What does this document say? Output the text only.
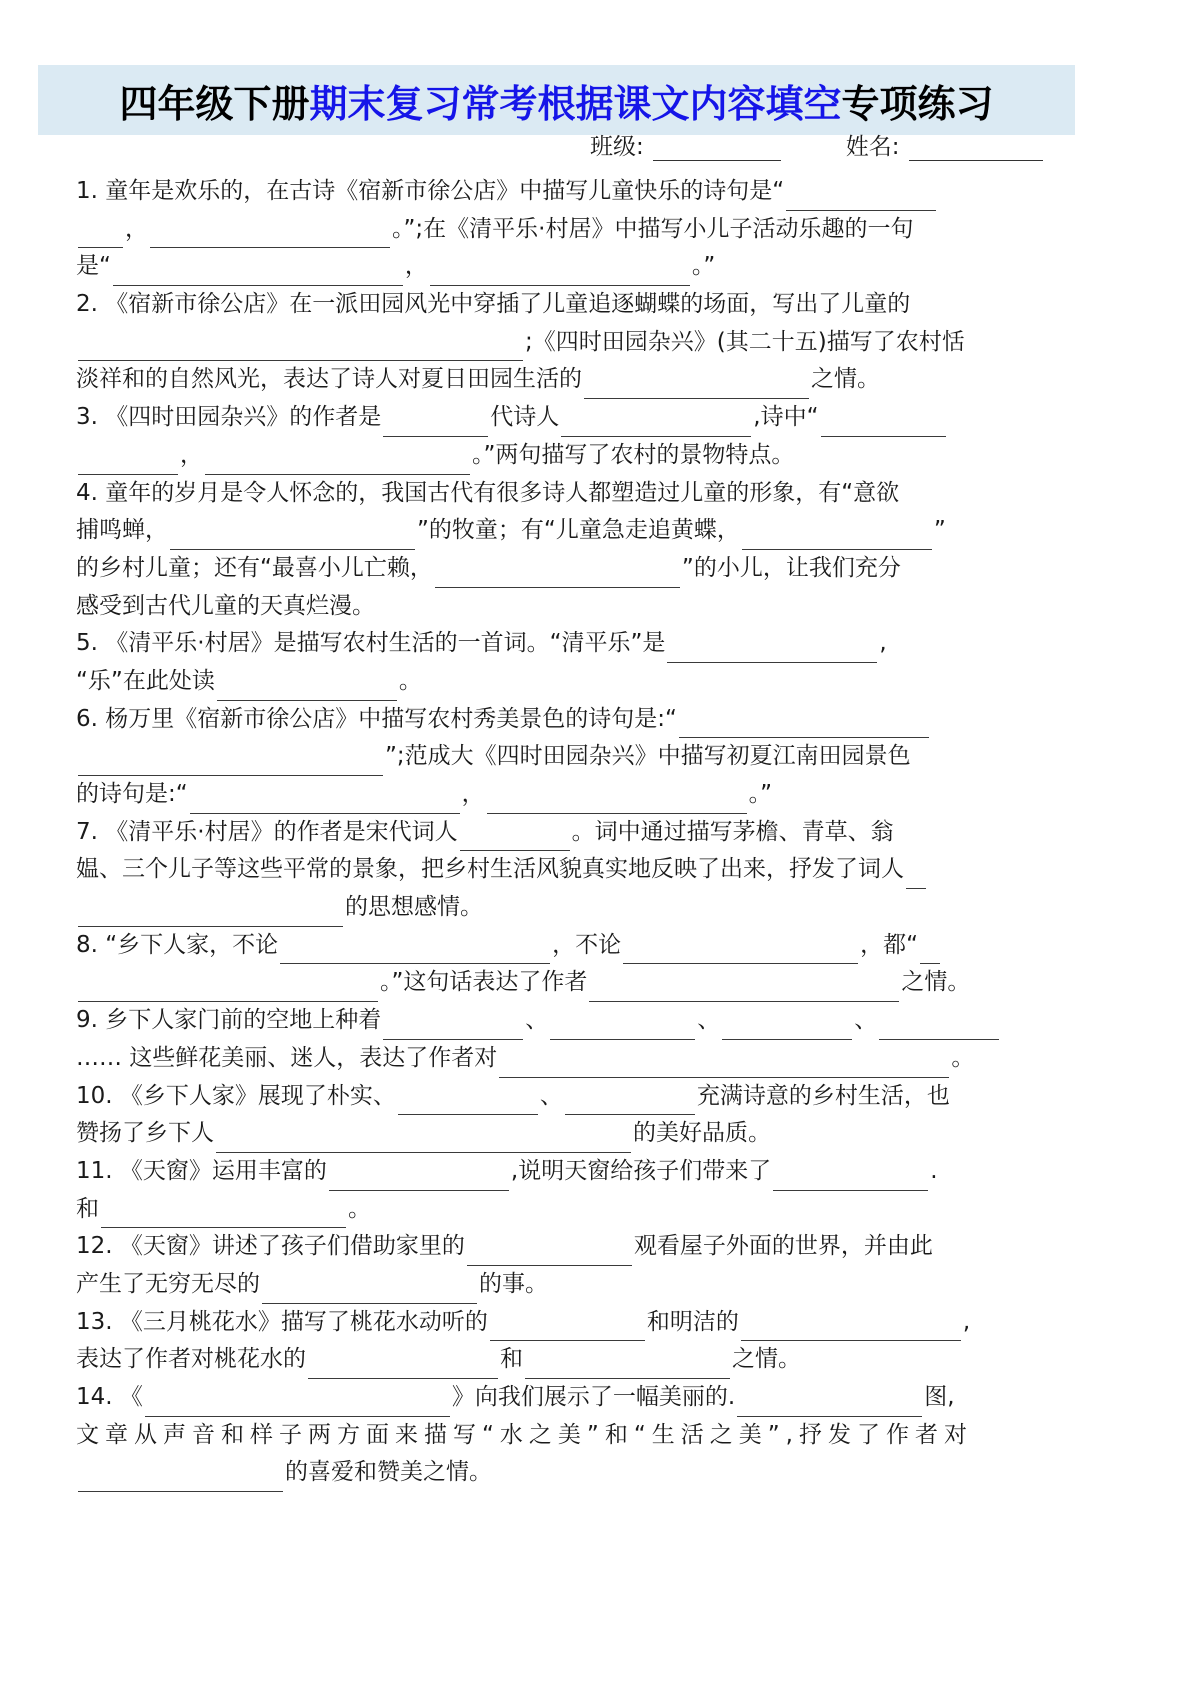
四年级下册期末复习常考根据课文内容填空专项练习
班级:	姓名:
1. 童年是欢乐的，在古诗《宿新市徐公店》中描写儿童快乐的诗句是“
，	。”;在《清平乐·村居》中描写小儿子活动乐趣的一句
是“	，	。”
2. 《宿新市徐公店》在一派田园风光中穿插了儿童追逐蝴蝶的场面，写出了儿童的
;《四时田园杂兴》(其二十五)描写了农村恬
淡祥和的自然风光，表达了诗人对夏日田园生活的	之情。
3. 《四时田园杂兴》的作者是	代诗人	,诗中“
，	。”两句描写了农村的景物特点。
4. 童年的岁月是令人怀念的，我国古代有很多诗人都塑造过儿童的形象，有“意欲
捕鸣蝉，	”的牧童；有“儿童急走追黄蝶，	”
的乡村儿童；还有“最喜小儿亡赖，	”的小儿，让我们充分
感受到古代儿童的天真烂漫。
5. 《清平乐·村居》是描写农村生活的一首词。“清平乐”是	,
“乐”在此处读	。
6. 杨万里《宿新市徐公店》中描写农村秀美景色的诗句是:“
”;范成大《四时田园杂兴》中描写初夏江南田园景色
的诗句是:“	，	。”
7. 《清平乐·村居》的作者是宋代词人	。词中通过描写茅檐、青草、翁
媪、三个儿子等这些平常的景象，把乡村生活风貌真实地反映了出来，抒发了词人
的思想感情。
8. “乡下人家，不论	，不论	，都“
。”这句话表达了作者	之情。
9. 乡下人家门前的空地上种着	、	、	、
…… 这些鲜花美丽、迷人，表达了作者对	。
10. 《乡下人家》展现了朴实、	、	充满诗意的乡村生活，也
赞扬了乡下人	的美好品质。
11. 《天窗》运用丰富的	,说明天窗给孩子们带来了	.
和	。
12. 《天窗》讲述了孩子们借助家里的	观看屋子外面的世界，并由此
产生了无穷无尽的	的事。
13. 《三月桃花水》描写了桃花水动听的	和明洁的	,
表达了作者对桃花水的	和	之情。
14. 《	》向我们展示了一幅美丽的.	图,
文章从声音和样子两方面来描写“水之美”和“生活之美”,抒发了作者对
的喜爱和赞美之情。
